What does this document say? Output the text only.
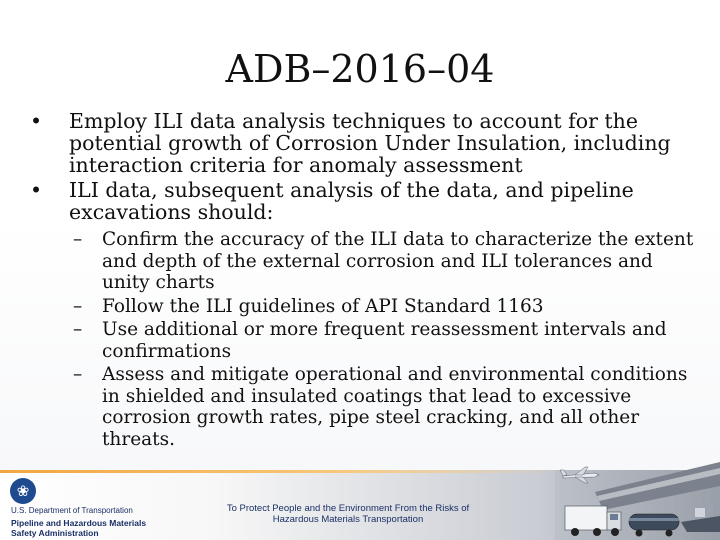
ADB–2016–04
•	Employ ILI data analysis techniques to account for the potential growth of Corrosion Under Insulation, including interaction criteria for anomaly assessment
•	ILI data, subsequent analysis of the data, and pipeline excavations should:
– Confirm the accuracy of the ILI data to characterize the extent and depth of the external corrosion and ILI tolerances and unity charts
– Follow the ILI guidelines of API Standard 1163
– Use additional or more frequent reassessment intervals and confirmations
– Assess and mitigate operational and environmental conditions in shielded and insulated coatings that lead to excessive corrosion growth rates, pipe steel cracking, and all other threats.
❀
U.S. Department of Transportation
Pipeline and Hazardous Materials
Safety Administration
To Protect People and the Environment From the Risks of
Hazardous Materials Transportation
